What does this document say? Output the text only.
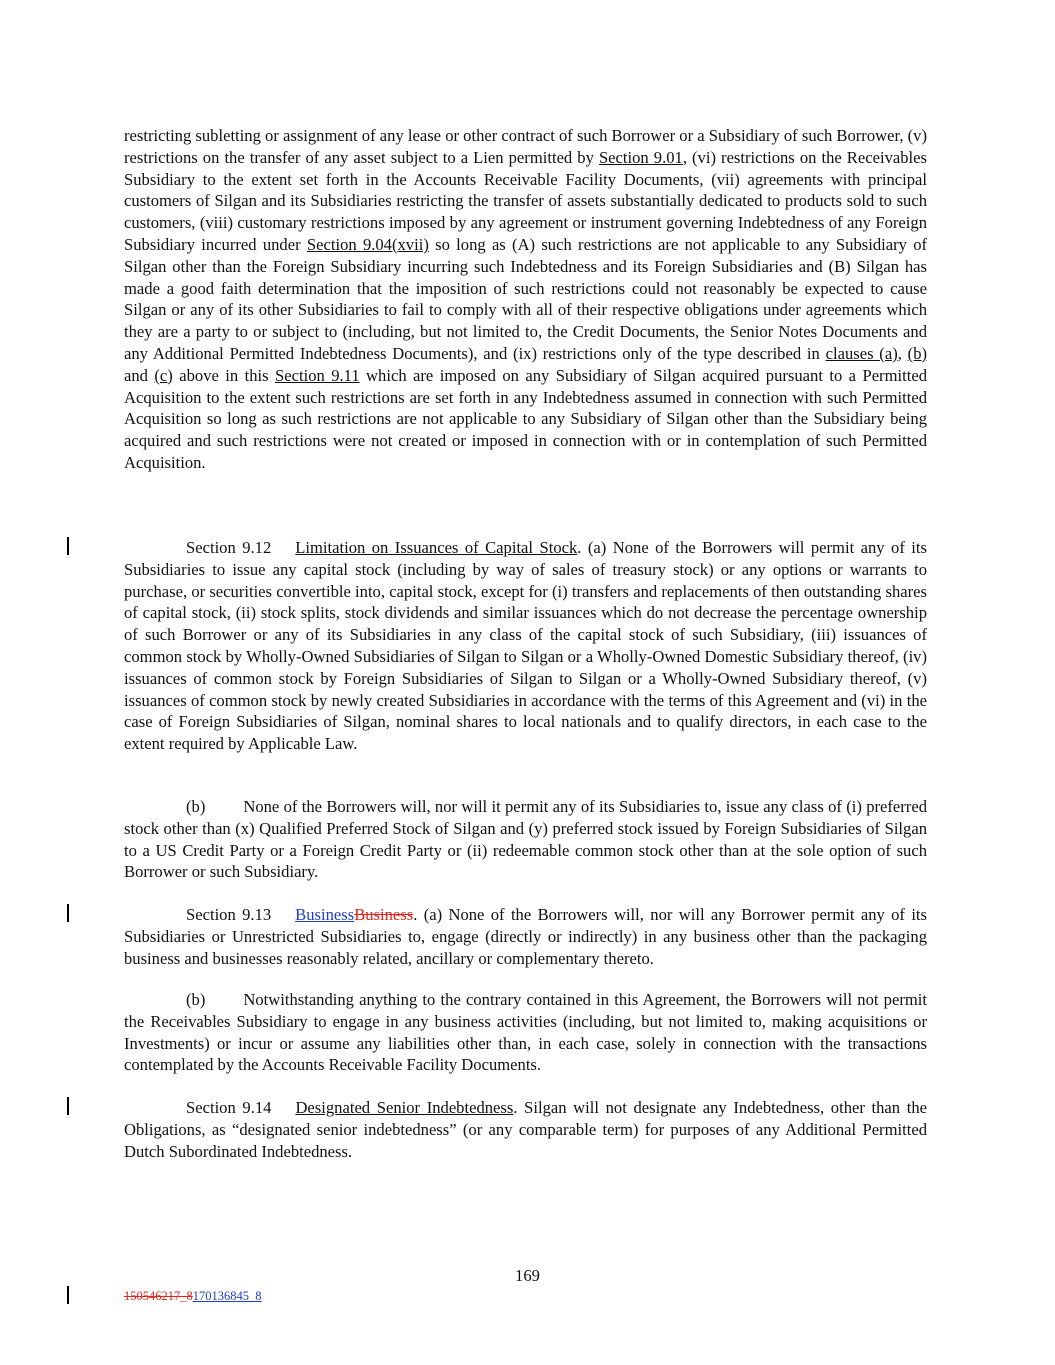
restricting subletting or assignment of any lease or other contract of such Borrower or a Subsidiary of such Borrower, (v) restrictions on the transfer of any asset subject to a Lien permitted by Section 9.01, (vi) restrictions on the Receivables Subsidiary to the extent set forth in the Accounts Receivable Facility Documents, (vii) agreements with principal customers of Silgan and its Subsidiaries restricting the transfer of assets substantially dedicated to products sold to such customers, (viii) customary restrictions imposed by any agreement or instrument governing Indebtedness of any Foreign Subsidiary incurred under Section 9.04(xvii) so long as (A) such restrictions are not applicable to any Subsidiary of Silgan other than the Foreign Subsidiary incurring such Indebtedness and its Foreign Subsidiaries and (B) Silgan has made a good faith determination that the imposition of such restrictions could not reasonably be expected to cause Silgan or any of its other Subsidiaries to fail to comply with all of their respective obligations under agreements which they are a party to or subject to (including, but not limited to, the Credit Documents, the Senior Notes Documents and any Additional Permitted Indebtedness Documents), and (ix) restrictions only of the type described in clauses (a), (b) and (c) above in this Section 9.11 which are imposed on any Subsidiary of Silgan acquired pursuant to a Permitted Acquisition to the extent such restrictions are set forth in any Indebtedness assumed in connection with such Permitted Acquisition so long as such restrictions are not applicable to any Subsidiary of Silgan other than the Subsidiary being acquired and such restrictions were not created or imposed in connection with or in contemplation of such Permitted Acquisition.

Section 9.12 Limitation on Issuances of Capital Stock. (a) None of the Borrowers will permit any of its Subsidiaries to issue any capital stock (including by way of sales of treasury stock) or any options or warrants to purchase, or securities convertible into, capital stock, except for (i) transfers and replacements of then outstanding shares of capital stock, (ii) stock splits, stock dividends and similar issuances which do not decrease the percentage ownership of such Borrower or any of its Subsidiaries in any class of the capital stock of such Subsidiary, (iii) issuances of common stock by Wholly-Owned Subsidiaries of Silgan to Silgan or a Wholly-Owned Domestic Subsidiary thereof, (iv) issuances of common stock by Foreign Subsidiaries of Silgan to Silgan or a Wholly-Owned Subsidiary thereof, (v) issuances of common stock by newly created Subsidiaries in accordance with the terms of this Agreement and (vi) in the case of Foreign Subsidiaries of Silgan, nominal shares to local nationals and to qualify directors, in each case to the extent required by Applicable Law.

(b) None of the Borrowers will, nor will it permit any of its Subsidiaries to, issue any class of (i) preferred stock other than (x) Qualified Preferred Stock of Silgan and (y) preferred stock issued by Foreign Subsidiaries of Silgan to a US Credit Party or a Foreign Credit Party or (ii) redeemable common stock other than at the sole option of such Borrower or such Subsidiary.

Section 9.13 BusinessBusiness. (a) None of the Borrowers will, nor will any Borrower permit any of its Subsidiaries or Unrestricted Subsidiaries to, engage (directly or indirectly) in any business other than the packaging business and businesses reasonably related, ancillary or complementary thereto.

(b) Notwithstanding anything to the contrary contained in this Agreement, the Borrowers will not permit the Receivables Subsidiary to engage in any business activities (including, but not limited to, making acquisitions or Investments) or incur or assume any liabilities other than, in each case, solely in connection with the transactions contemplated by the Accounts Receivable Facility Documents.

Section 9.14 Designated Senior Indebtedness. Silgan will not designate any Indebtedness, other than the Obligations, as “designated senior indebtedness” (or any comparable term) for purposes of any Additional Permitted Dutch Subordinated Indebtedness.

169
150546217_8170136845_8
